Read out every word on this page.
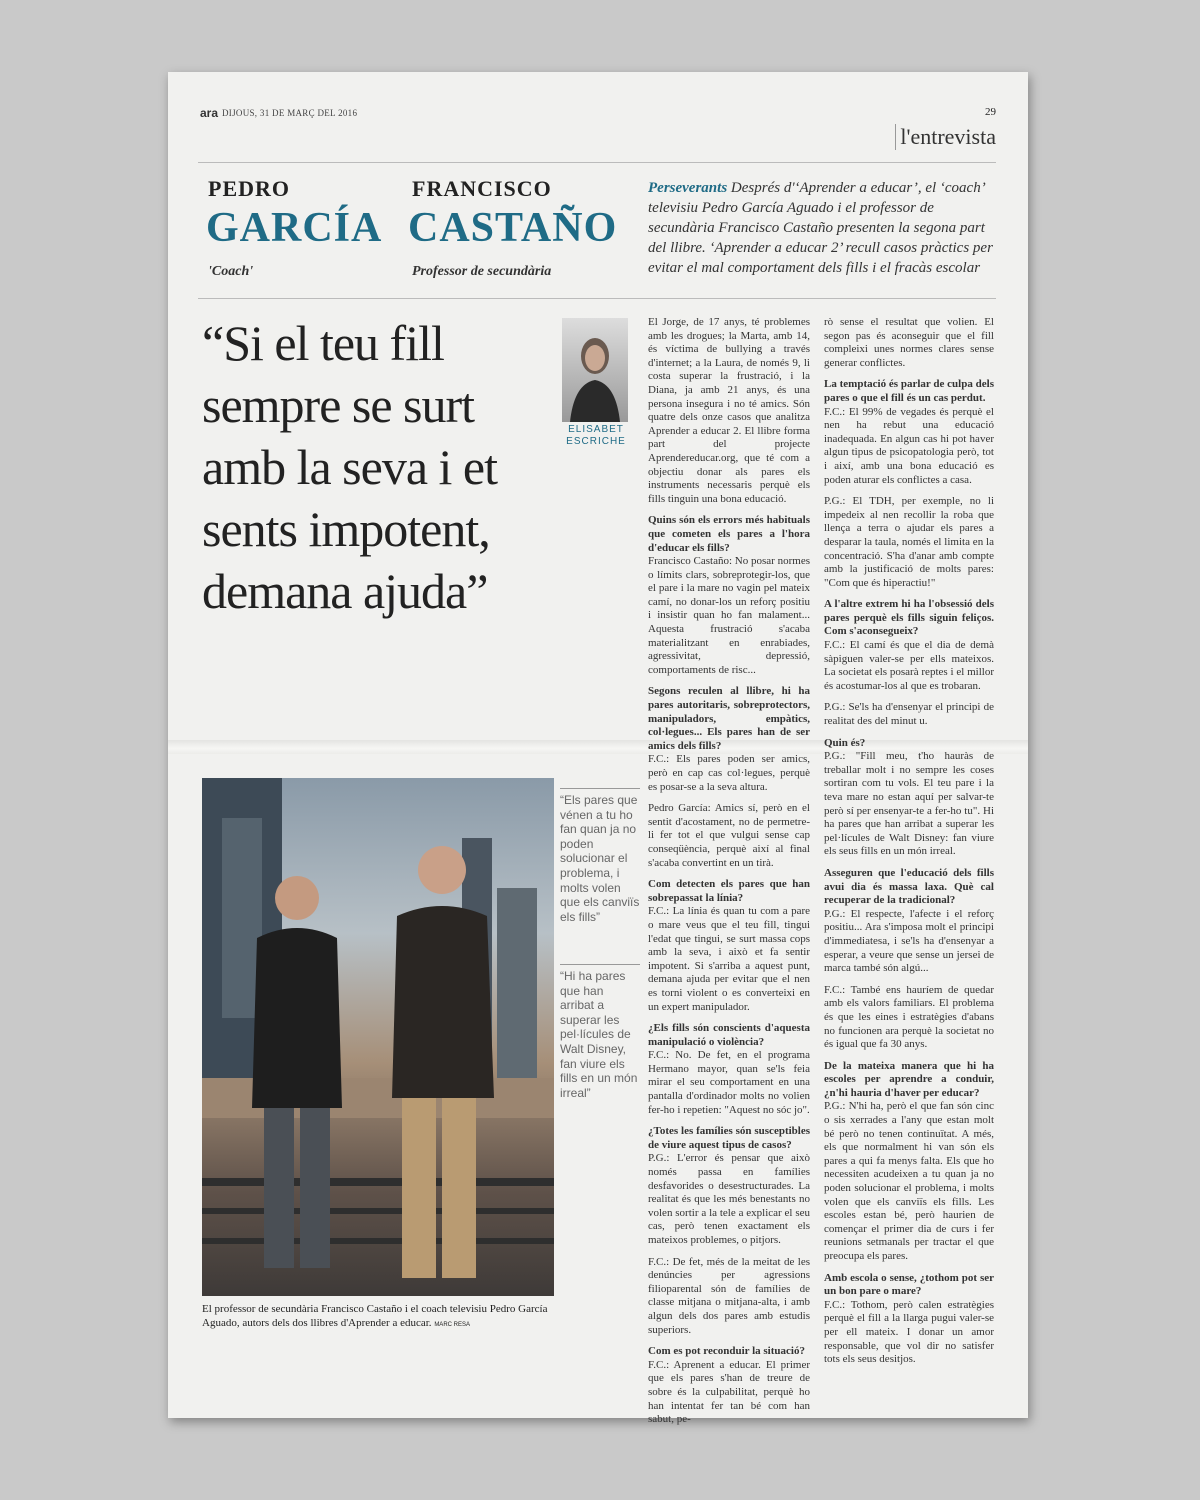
ara DIJOUS, 31 DE MARÇ DEL 2016	29
l'entrevista
PEDRO
GARCÍA
'Coach'
FRANCISCO
CASTAÑO
Professor de secundària
Perseverants Després d'‘Aprender a educar’, el ‘coach’ televisiu Pedro García Aguado i el professor de secundària Francisco Castaño presenten la segona part del llibre. ‘Aprender a educar 2’ recull casos pràctics per evitar el mal comportament dels fills i el fracàs escolar
“Si el teu fill sempre se surt amb la seva i et sents impotent, demana ajuda”
ELISABET
ESCRICHE

El Jorge, de 17 anys, té problemes amb les drogues; la Marta, amb 14, és víctima de bullying a través d'internet; a la Laura, de només 9, li costa superar la frustració, i la Diana, ja amb 21 anys, és una persona insegura i no té amics. Són quatre dels onze casos que analitza Aprender a educar 2. El llibre forma part del projecte Aprendereducar.org, que té com a objectiu donar als pares els instruments necessaris perquè els fills tinguin una bona educació.

Quins són els errors més habituals que cometen els pares a l'hora d'educar els fills?
Francisco Castaño: No posar normes o límits clars, sobreprotegir-los, que el pare i la mare no vagin pel mateix camí, no donar-los un reforç positiu i insistir quan ho fan malament... Aquesta frustració s'acaba materialitzant en enrabiades, agressivitat, depressió, comportaments de risc...

Segons reculen al llibre, hi ha pares autoritaris, sobreprotectors, manipuladors, empàtics, col·legues... Els pares han de ser amics dels fills?
F.C.: Els pares poden ser amics, però en cap cas col·legues, perquè es posar-se a la seva altura.

Pedro García: Amics sí, però en el sentit d'acostament, no de permetre-li fer tot el que vulgui sense cap conseqüència, perquè així al final s'acaba convertint en un tirà.

Com detecten els pares que han sobrepassat la línia?
F.C.: La línia és quan tu com a pare o mare veus que el teu fill, tingui l'edat que tingui, se surt massa cops amb la seva, i això et fa sentir impotent. Si s'arriba a aquest punt, demana ajuda per evitar que el nen es torni violent o es converteixi en un expert manipulador.

¿Els fills són conscients d'aquesta manipulació o violència?
F.C.: No. De fet, en el programa Hermano mayor, quan se'ls feia mirar el seu comportament en una pantalla d'ordinador molts no volien fer-ho i repetien: "Aquest no sóc jo".

¿Totes les famílies són susceptibles de viure aquest tipus de casos?
P.G.: L'error és pensar que això només passa en famílies desfavorides o desestructurades. La realitat és que les més benestants no volen sortir a la tele a explicar el seu cas, però tenen exactament els mateixos problemes, o pitjors.

F.C.: De fet, més de la meitat de les denúncies per agressions filioparental són de famílies de classe mitjana o mitjana-alta, i amb algun dels dos pares amb estudis superiors.

Com es pot reconduir la situació?
F.C.: Aprenent a educar. El primer que els pares s'han de treure de sobre és la culpabilitat, perquè ho han intentat fer tan bé com han sabut, pe-

rò sense el resultat que volien. El segon pas és aconseguir que el fill compleixi unes normes clares sense generar conflictes.

La temptació és parlar de culpa dels pares o que el fill és un cas perdut.
F.C.: El 99% de vegades és perquè el nen ha rebut una educació inadequada. En algun cas hi pot haver algun tipus de psicopatologia però, tot i així, amb una bona educació es poden aturar els conflictes a casa.

P.G.: El TDH, per exemple, no li impedeix al nen recollir la roba que llença a terra o ajudar els pares a desparar la taula, només el limita en la concentració. S'ha d'anar amb compte amb la justificació de molts pares: "Com que és hiperactiu!"

A l'altre extrem hi ha l'obsessió dels pares perquè els fills siguin feliços. Com s'aconsegueix?
F.C.: El camí és que el dia de demà sàpiguen valer-se per ells mateixos. La societat els posarà reptes i el millor és acostumar-los al que es trobaran.

P.G.: Se'ls ha d'ensenyar el principi de realitat des del minut u.

Quin és?
P.G.: "Fill meu, t'ho hauràs de treballar molt i no sempre les coses sortiran com tu vols. El teu pare i la teva mare no estan aquí per salvar-te però sí per ensenyar-te a fer-ho tu". Hi ha pares que han arribat a superar les pel·lícules de Walt Disney: fan viure els seus fills en un món irreal.

Asseguren que l'educació dels fills avui dia és massa laxa. Què cal recuperar de la tradicional?
P.G.: El respecte, l'afecte i el reforç positiu... Ara s'imposa molt el principi d'immediatesa, i se'ls ha d'ensenyar a esperar, a veure que sense un jersei de marca també són algú...

F.C.: També ens hauríem de quedar amb els valors familiars. El problema és que les eines i estratègies d'abans no funcionen ara perquè la societat no és igual que fa 30 anys.

De la mateixa manera que hi ha escoles per aprendre a conduir, ¿n'hi hauria d'haver per educar?
P.G.: N'hi ha, però el que fan són cinc o sis xerrades a l'any que estan molt bé però no tenen continuïtat. A més, els que normalment hi van són els pares a qui fa menys falta. Els que ho necessiten acudeixen a tu quan ja no poden solucionar el problema, i molts volen que els canviïs els fills. Les escoles estan bé, però haurien de començar el primer dia de curs i fer reunions setmanals per tractar el que preocupa els pares.

Amb escola o sense, ¿tothom pot ser un bon pare o mare?
F.C.: Tothom, però calen estratègies perquè el fill a la llarga pugui valer-se per ell mateix. I donar un amor responsable, que vol dir no satisfer tots els seus desitjos.

“Els pares que vénen a tu ho fan quan ja no poden solucionar el problema, i molts volen que els canviïs els fills”
“Hi ha pares que han arribat a superar les pel·lícules de Walt Disney, fan viure els fills en un món irreal”
El professor de secundària Francisco Castaño i el coach televisiu Pedro García Aguado, autors dels dos llibres d'Aprender a educar. MARC RESA
